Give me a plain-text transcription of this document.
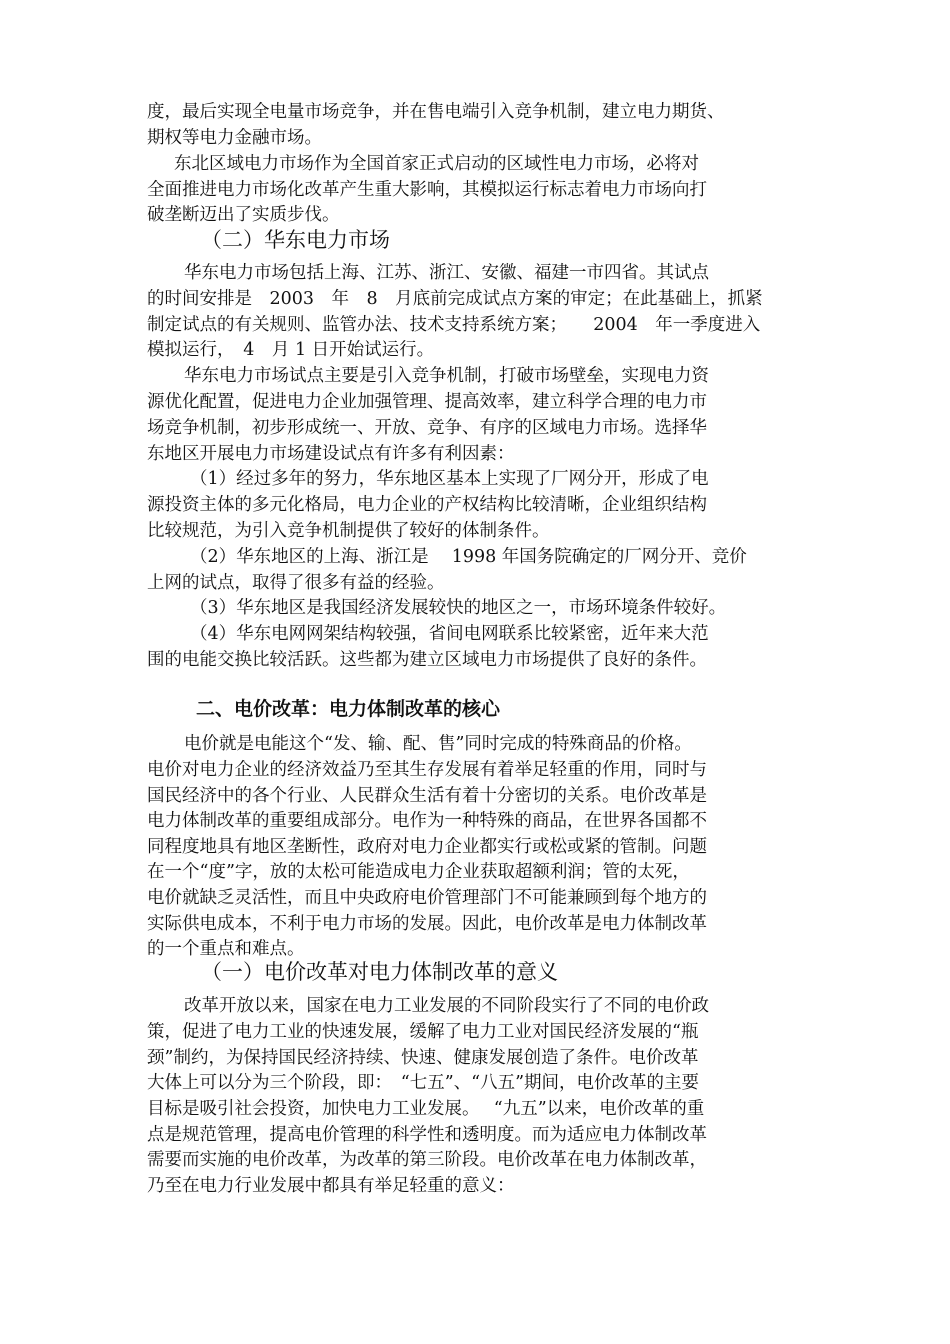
度，最后实现全电量市场竞争，并在售电端引入竞争机制，建立电力期货、
期权等电力金融市场。
东北区域电力市场作为全国首家正式启动的区域性电力市场，必将对
全面推进电力市场化改革产生重大影响，其模拟运行标志着电力市场向打
破垄断迈出了实质步伐。
（二）华东电力市场
华东电力市场包括上海、江苏、浙江、安徽、福建一市四省。其试点
的时间安排是　2003　年　8　月底前完成试点方案的审定；在此基础上，抓紧
制定试点的有关规则、监管办法、技术支持系统方案；　　2004　年一季度进入
模拟运行，　4　月 1 日开始试运行。
华东电力市场试点主要是引入竞争机制，打破市场壁垒，实现电力资
源优化配置，促进电力企业加强管理、提高效率，建立科学合理的电力市
场竞争机制，初步形成统一、开放、竞争、有序的区域电力市场。选择华
东地区开展电力市场建设试点有许多有利因素：
（1）经过多年的努力，华东地区基本上实现了厂网分开，形成了电
源投资主体的多元化格局，电力企业的产权结构比较清晰，企业组织结构
比较规范，为引入竞争机制提供了较好的体制条件。
（2）华东地区的上海、浙江是　 1998 年国务院确定的厂网分开、竞价
上网的试点，取得了很多有益的经验。
（3）华东地区是我国经济发展较快的地区之一，市场环境条件较好。
（4）华东电网网架结构较强，省间电网联系比较紧密，近年来大范
围的电能交换比较活跃。这些都为建立区域电力市场提供了良好的条件。
二、电价改革：电力体制改革的核心
电价就是电能这个“发、输、配、售”同时完成的特殊商品的价格。
电价对电力企业的经济效益乃至其生存发展有着举足轻重的作用，同时与
国民经济中的各个行业、人民群众生活有着十分密切的关系。电价改革是
电力体制改革的重要组成部分。电作为一种特殊的商品，在世界各国都不
同程度地具有地区垄断性，政府对电力企业都实行或松或紧的管制。问题
在一个“度”字，放的太松可能造成电力企业获取超额利润；管的太死，
电价就缺乏灵活性，而且中央政府电价管理部门不可能兼顾到每个地方的
实际供电成本，不利于电力市场的发展。因此，电价改革是电力体制改革
的一个重点和难点。
（一）电价改革对电力体制改革的意义
改革开放以来，国家在电力工业发展的不同阶段实行了不同的电价政
策，促进了电力工业的快速发展，缓解了电力工业对国民经济发展的“瓶
颈”制约，为保持国民经济持续、快速、健康发展创造了条件。电价改革
大体上可以分为三个阶段，即：　“七五”、“八五”期间，电价改革的主要
目标是吸引社会投资，加快电力工业发展。　 “九五”以来，电价改革的重
点是规范管理，提高电价管理的科学性和透明度。而为适应电力体制改革
需要而实施的电价改革，为改革的第三阶段。电价改革在电力体制改革，
乃至在电力行业发展中都具有举足轻重的意义：
